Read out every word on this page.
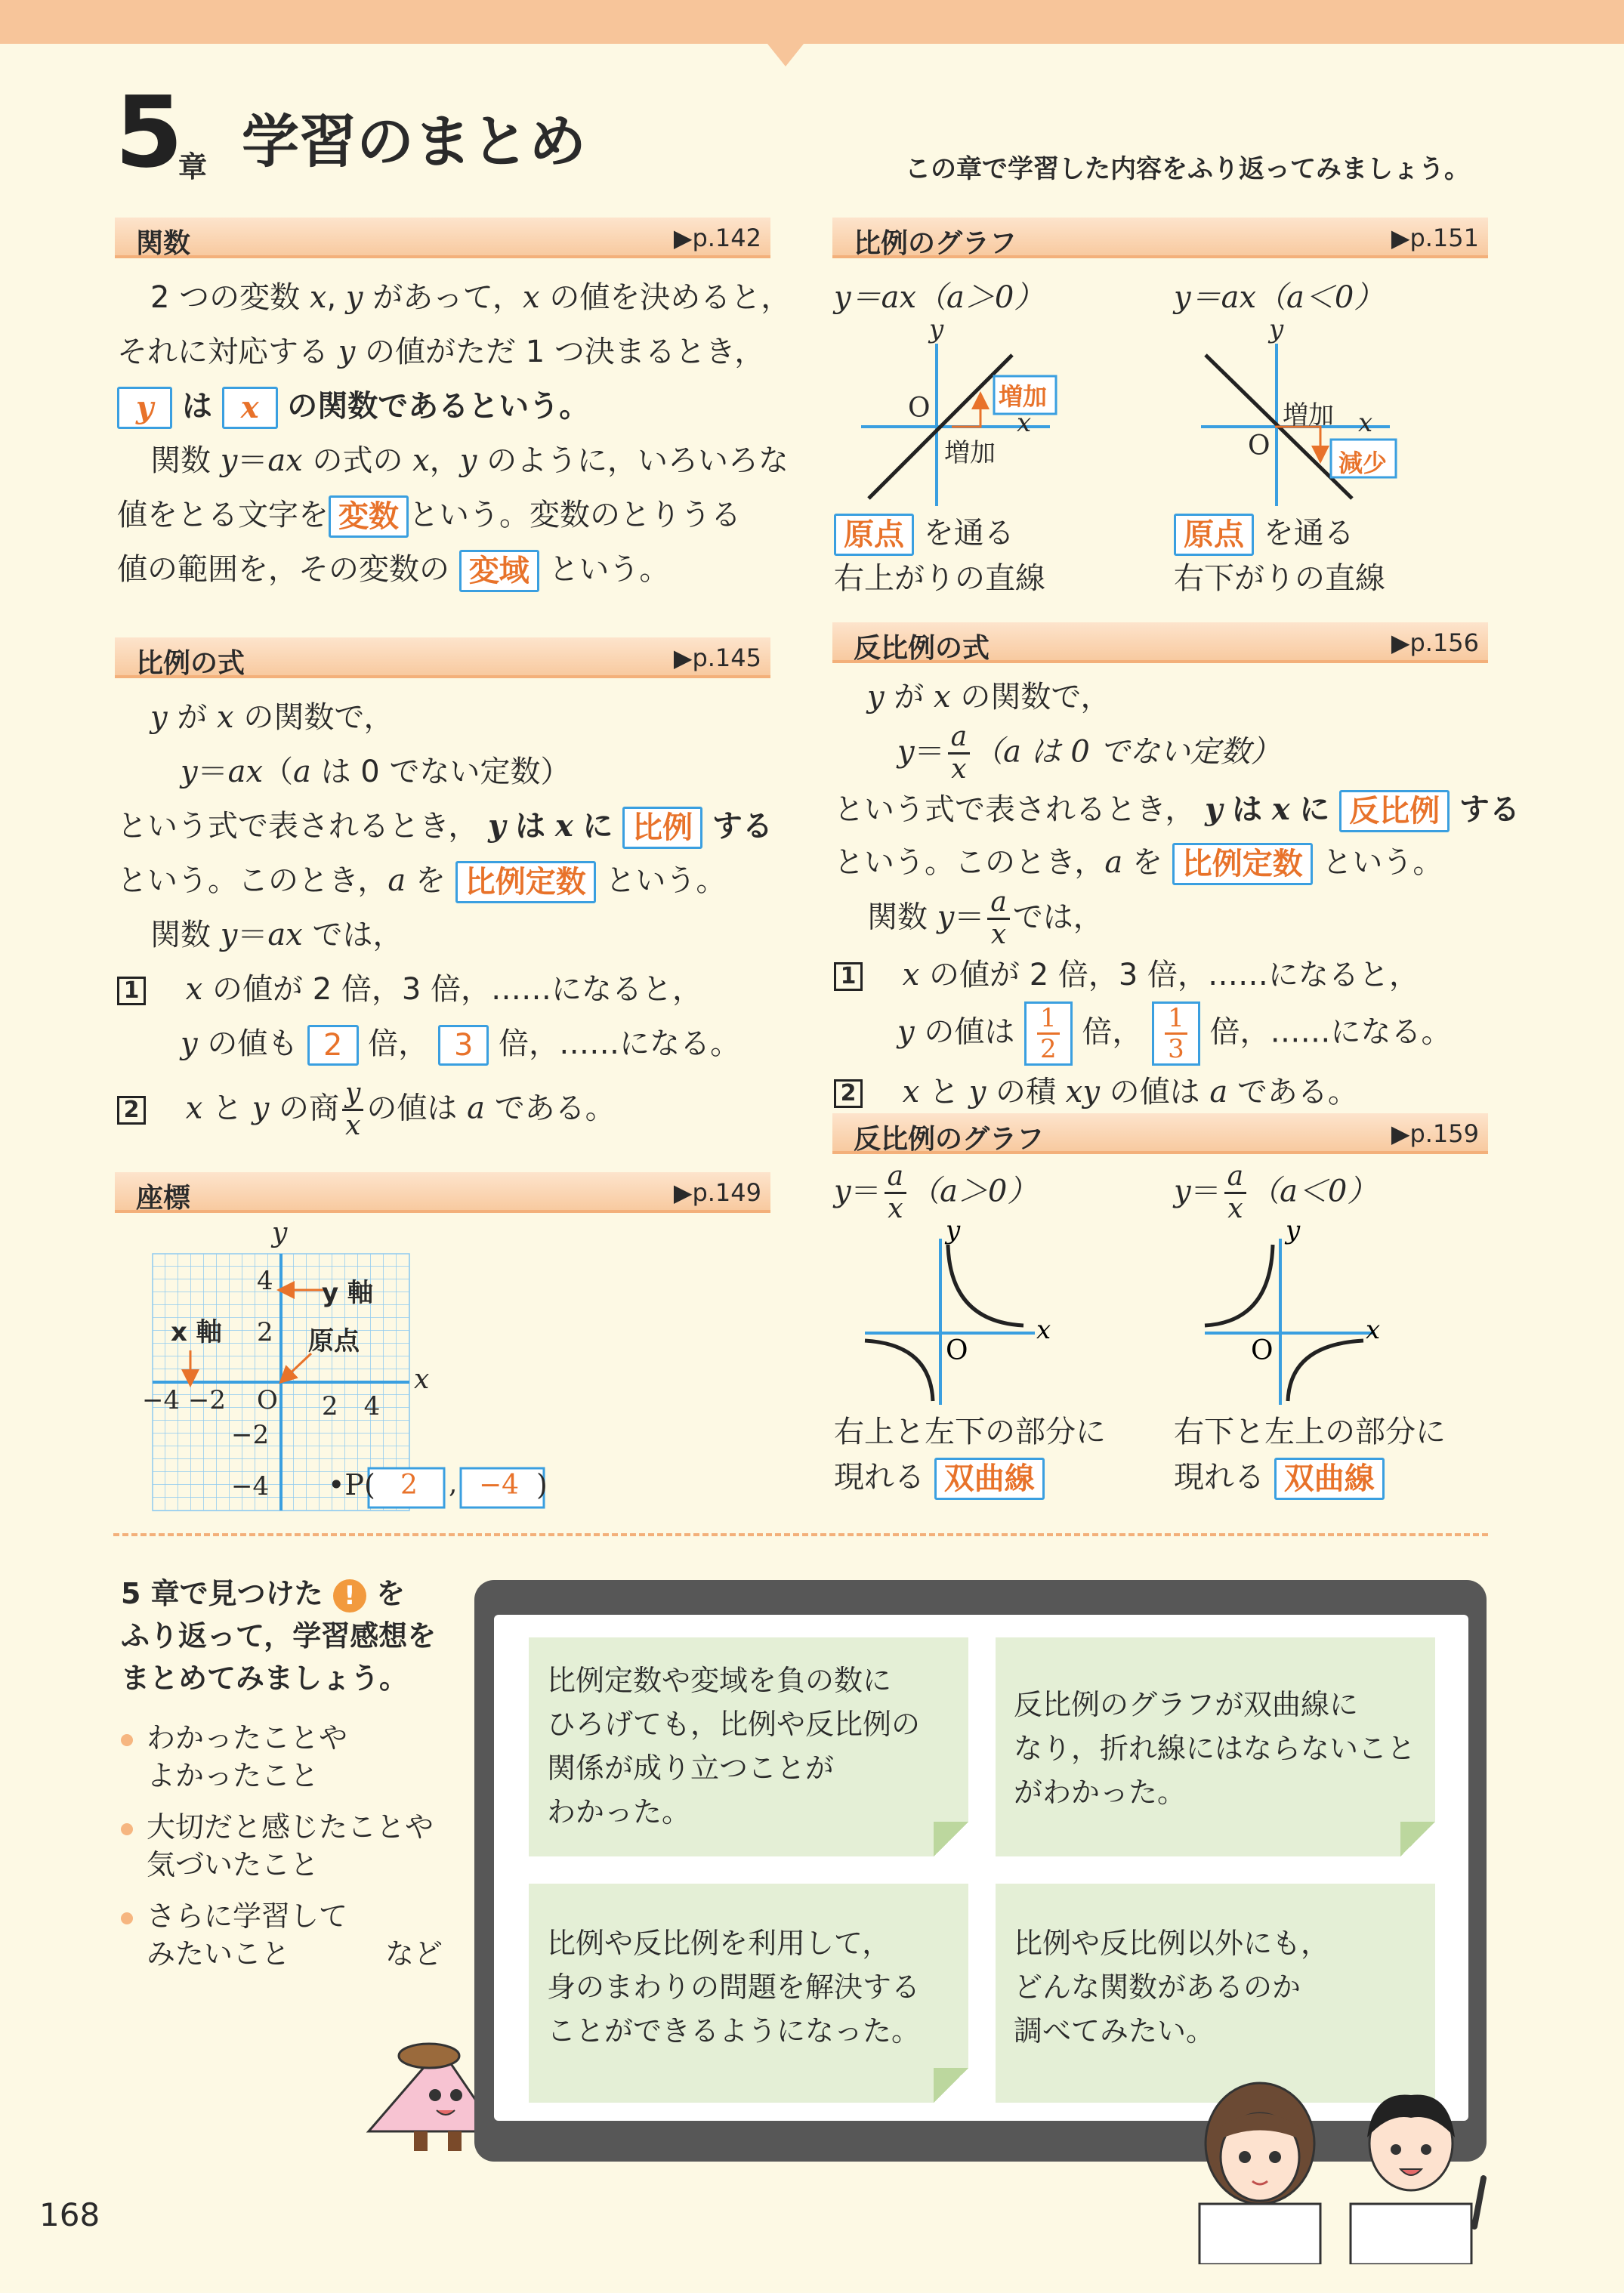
5
章 学習のまとめ	この章で学習した内容をふり返ってみましょう。
関数	▶p.142
2 つの変数 x, y があって，x の値を決めると，
それに対応する y の値がただ 1 つ決まるとき，
y は x の関数であるという。
関数 y＝ax の式の x，y のように，いろいろな
値をとる文字を 変数 という。変数のとりうる
値の範囲を，その変数の 変域 という。
比例の式	▶p.145
y が x の関数で，
y＝ax（a は 0 でない定数）
という式で表されるとき， y は x に 比例 する
という。このとき，a を 比例定数 という。
関数 y＝ax では，
1　 x の値が 2 倍，3 倍，……になると，
y の値も 2 倍， 3 倍，……になる。
2　 x と y の商 $\frac{y}{x}$ の値は a である。
座標	▶p.149
y
x
4
2
−2
−4
−4 −2 O 2　4
y 軸
x 軸	原点
•P( 2 , −4 )
比例のグラフ	▶p.151
y＝ax（a＞0）	y＝ax（a＜0）
y
O	x
増加
増加
原点 を通る
右上がりの直線
y
O
x
増加
減少
原点 を通る
右下がりの直線
反比例の式	▶p.156
y が x の関数で，
$y= \frac{a}{x} (a$ は 0 でない定数）
という式で表されるとき， y は x に 反比例 する
という。このとき，a を 比例定数 という。
関数 $y= \frac{a}{x}$ では，
1　 x の値が 2 倍，3 倍，……になると，
y の値は $\frac{1}{2}$ 倍， $\frac{1}{3}$ 倍，……になる。
2　 x と y の積 xy の値は a である。
反比例のグラフ	▶p.159
$y= \frac{a}{x} (a>0)$	$y= \frac{a}{x} (a<0)$
y
O
x
y
O
x
右上と左下の部分に
現れる 双曲線
右下と左上の部分に
現れる 双曲線
5 章で見つけた ! を
ふり返って，学習感想を
まとめてみましょう。
わかったことや
よかったこと
大切だと感じたことや
気づいたこと
さらに学習して
みたいこと	など
比例定数や変域を負の数に
ひろげても，比例や反比例の
関係が成り立つことが
わかった。
反比例のグラフが双曲線に
なり，折れ線にはならないこと
がわかった。
比例や反比例を利用して，
身のまわりの問題を解決する
ことができるようになった。
比例や反比例以外にも，
どんな関数があるのか
調べてみたい。
168
